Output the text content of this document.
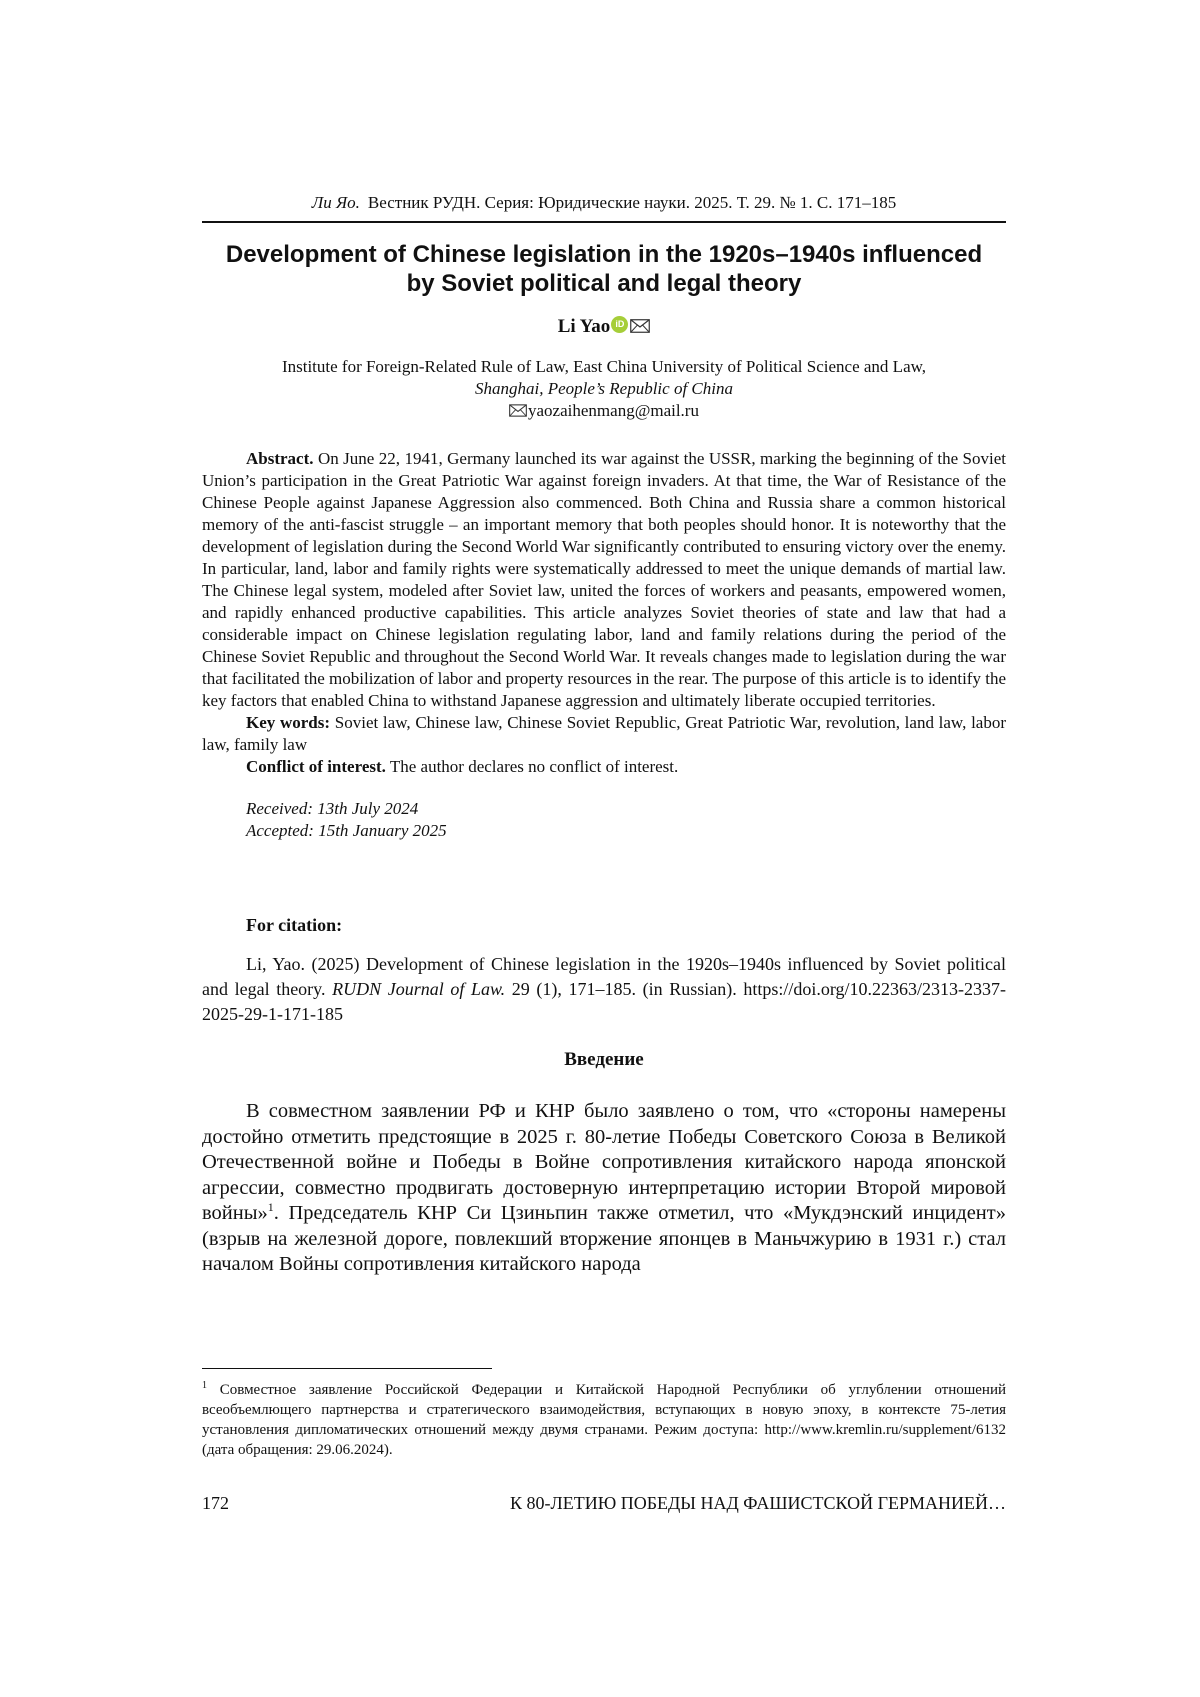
Ли Яо. Вестник РУДН. Серия: Юридические науки. 2025. Т. 29. № 1. С. 171–185
Development of Chinese legislation in the 1920s–1940s influenced
by Soviet political and legal theory
Li Yao iD
Institute for Foreign-Related Rule of Law, East China University of Political Science and Law,
Shanghai, People’s Republic of China
yaozaihenmang@mail.ru

Abstract. On June 22, 1941, Germany launched its war against the USSR, marking the beginning of the Soviet Union’s participation in the Great Patriotic War against foreign invaders. At that time, the War of Resistance of the Chinese People against Japanese Aggression also commenced. Both China and Russia share a common historical memory of the anti-fascist struggle – an important memory that both peoples should honor. It is noteworthy that the development of legislation during the Second World War significantly contributed to ensuring victory over the enemy. In particular, land, labor and family rights were systematically addressed to meet the unique demands of martial law. The Chinese legal system, modeled after Soviet law, united the forces of workers and peasants, empowered women, and rapidly enhanced productive capabilities. This article analyzes Soviet theories of state and law that had a considerable impact on Chinese legislation regulating labor, land and family relations during the period of the Chinese Soviet Republic and throughout the Second World War. It reveals changes made to legislation during the war that facilitated the mobilization of labor and property resources in the rear. The purpose of this article is to identify the key factors that enabled China to withstand Japanese aggression and ultimately liberate occupied territories.

Key words: Soviet law, Chinese law, Chinese Soviet Republic, Great Patriotic War, revolution, land law, labor law, family law

Conflict of interest. The author declares no conflict of interest.

Received: 13th July 2024
Accepted: 15th January 2025
For citation:

Li, Yao. (2025) Development of Chinese legislation in the 1920s–1940s influenced by Soviet political and legal theory. RUDN Journal of Law. 29 (1), 171–185. (in Russian). https://doi.org/10.22363/2313-2337-2025-29-1-171-185

Введение

В совместном заявлении РФ и КНР было заявлено о том, что «стороны намерены достойно отметить предстоящие в 2025 г. 80-летие Победы Советского Союза в Великой Отечественной войне и Победы в Войне сопротивления китайского народа японской агрессии, совместно продвигать достоверную интерпретацию истории Второй мировой войны»$^1$. Председатель КНР Си Цзиньпин также отметил, что «Мукдэнский инцидент» (взрыв на железной дороге, повлекший вторжение японцев в Маньчжурию в 1931 г.) стал началом Войны сопротивления китайского народа

$^1$ Совместное заявление Российской Федерации и Китайской Народной Республики об углублении отношений всеобъемлющего партнерства и стратегического взаимодействия, вступающих в новую эпоху, в контексте 75-летия установления дипломатических отношений между двумя странами. Режим доступа: http://www.kremlin.ru/supplement/6132 (дата обращения: 29.06.2024).
172	К 80-ЛЕТИЮ ПОБЕДЫ НАД ФАШИСТСКОЙ ГЕРМАНИЕЙ…
